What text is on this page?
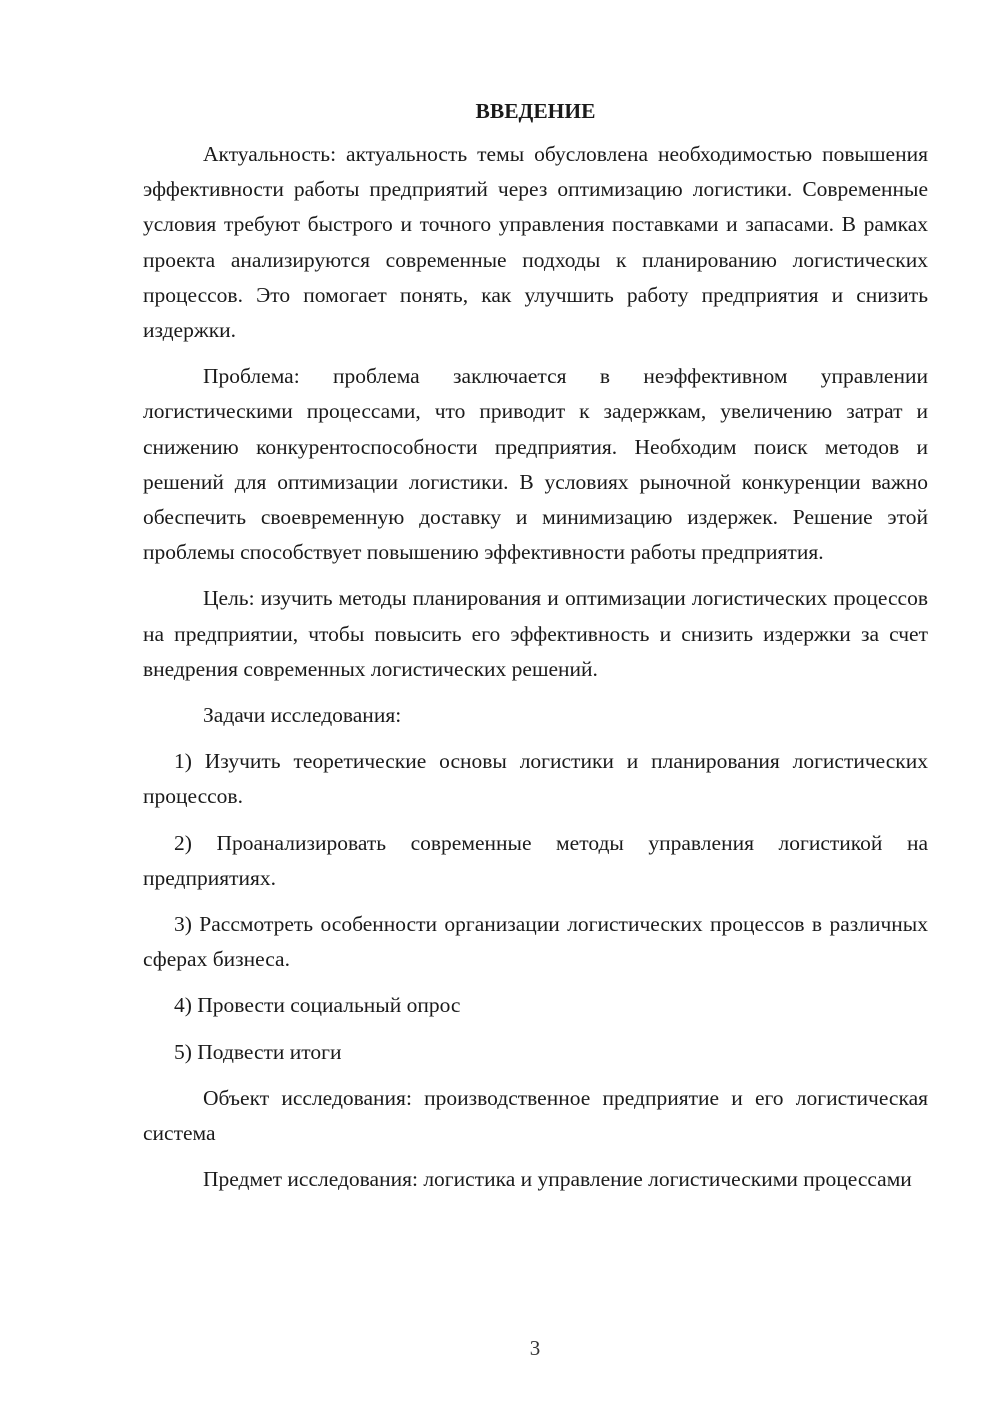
ВВЕДЕНИЕ

Актуальность: актуальность темы обусловлена необходимостью повышения эффективности работы предприятий через оптимизацию логистики. Современные условия требуют быстрого и точного управления поставками и запасами. В рамках проекта анализируются современные подходы к планированию логистических процессов. Это помогает понять, как улучшить работу предприятия и снизить издержки.

Проблема: проблема заключается в неэффективном управлении логистическими процессами, что приводит к задержкам, увеличению затрат и снижению конкурентоспособности предприятия. Необходим поиск методов и решений для оптимизации логистики. В условиях рыночной конкуренции важно обеспечить своевременную доставку и минимизацию издержек. Решение этой проблемы способствует повышению эффективности работы предприятия.

Цель: изучить методы планирования и оптимизации логистических процессов на предприятии, чтобы повысить его эффективность и снизить издержки за счет внедрения современных логистических решений.

Задачи исследования:

1) Изучить теоретические основы логистики и планирования логистических процессов.

2) Проанализировать современные методы управления логистикой на предприятиях.

3) Рассмотреть особенности организации логистических процессов в различных сферах бизнеса.

4) Провести социальный опрос

5) Подвести итоги

Объект исследования: производственное предприятие и его логистическая система

Предмет исследования: логистика и управление логистическими процессами

3
